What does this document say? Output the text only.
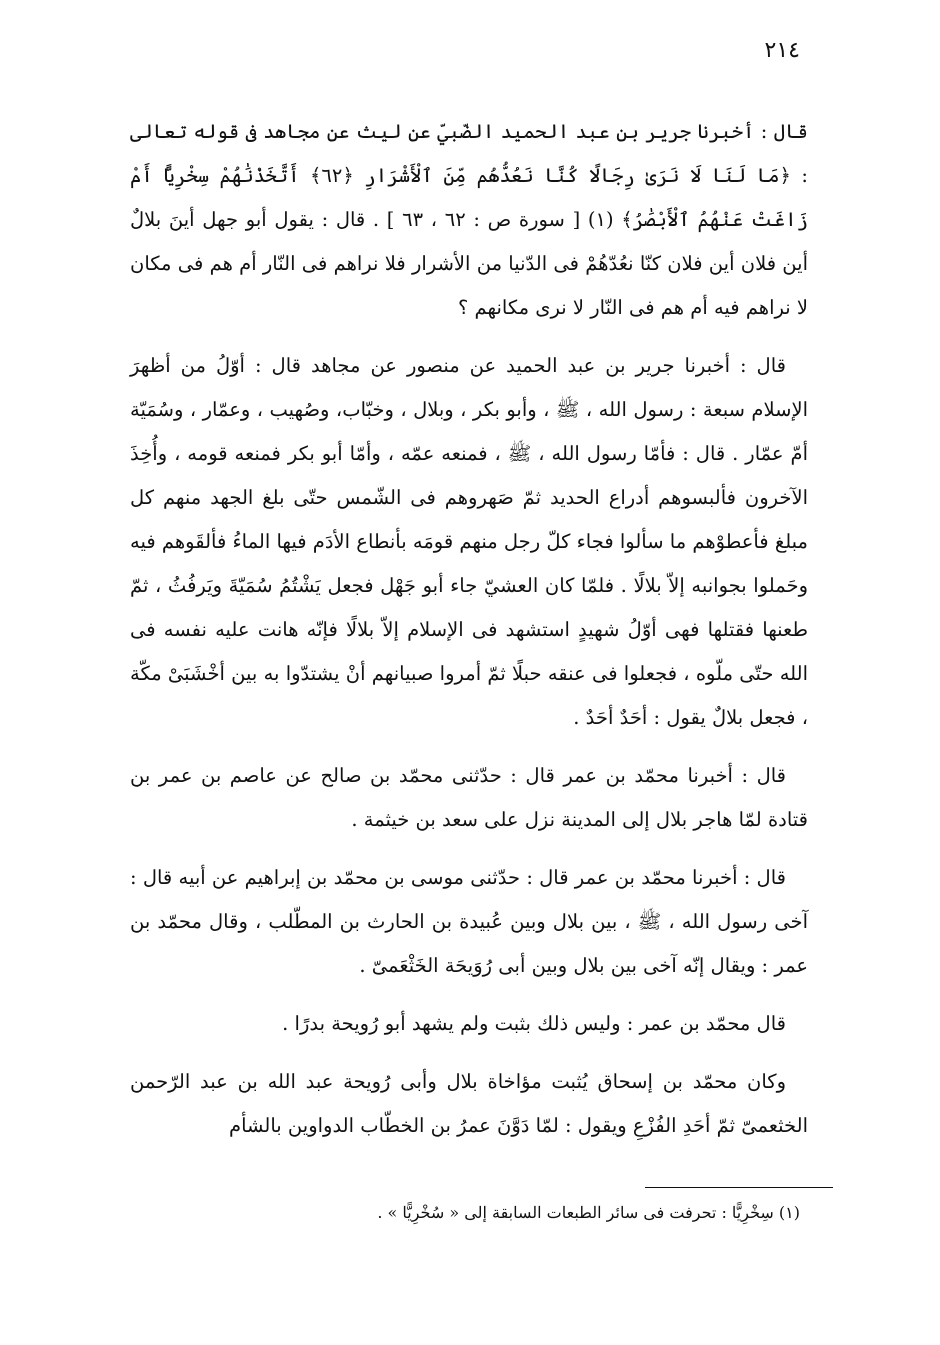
٢١٤

قال : أخبرنا جرير بن عبد الحميد الضّبيّ عن ليث عن مجاهد فى قوله تعالى : ﴿مَا لَنَا لَا نَرَىٰ رِجَالًا كُنَّا نَعُدُّهُم مِّنَ ٱلْأَشْرَارِ ﴿٦٢﴾ أَتَّخَذْنَٰهُمْ سِخْرِيًّا أَمْ زَاغَتْ عَنْهُمُ ٱلْأَبْصَٰرُ﴾ (١) [ سورة ص : ٦٢ ، ٦٣ ] . قال : يقول أبو جهل أينَ بلالٌ أين فلان أين فلان كنّا نعُدّهُمْ فى الدّنيا من الأشرار فلا نراهم فى النّار أم هم فى مكان لا نراهم فيه أم هم فى النّار لا نرى مكانهم ؟

قال : أخبرنا جرير بن عبد الحميد عن منصور عن مجاهد قال : أوّلُ من أظهرَ الإسلام سبعة : رسول الله ، ﷺ ، وأبو بكر ، وبلال ، وخبّاب، وصُهيب ، وعمّار ، وسُمَيّة أمّ عمّار . قال : فأمّا رسول الله ، ﷺ ، فمنعه عمّه ، وأمّا أبو بكر فمنعه قومه ، وأُخِذَ الآخرون فألبسوهم أدراع الحديد ثمّ صَهروهم فى الشّمس حتّى بلغ الجهد منهم كل مبلغ فأعطوْهم ما سألوا فجاء كلّ رجل منهم قومَه بأنطاع الأدَم فيها الماءُ فألقَوهم فيه وحَملوا بجوانبه إلاّ بلالًا . فلمّا كان العشيّ جاء أبو جَهْل فجعل يَشْتُمُ سُمَيّةَ ويَرفُثُ ، ثمّ طعنها فقتلها فهى أوّلُ شهيدٍ استشهد فى الإسلام إلاّ بلالًا فإنّه هانت عليه نفسه فى الله حتّى ملّوه ، فجعلوا فى عنقه حبلًا ثمّ أمروا صبيانهم أنْ يشتدّوا به بين أخْشَبَىْ مكّة ، فجعل بلالٌ يقول : أحَدٌ أحَدٌ .

قال : أخبرنا محمّد بن عمر قال : حدّثنى محمّد بن صالح عن عاصم بن عمر بن قتادة لمّا هاجر بلال إلى المدينة نزل على سعد بن خيثمة .

قال : أخبرنا محمّد بن عمر قال : حدّثنى موسى بن محمّد بن إبراهيم عن أبيه قال : آخى رسول الله ، ﷺ ، بين بلال وبين عُبيدة بن الحارث بن المطّلب ، وقال محمّد بن عمر : ويقال إنّه آخى بين بلال وبين أبى رُوَيحَة الخَثْعَمىّ .

قال محمّد بن عمر : وليس ذلك بثبت ولم يشهد أبو رُويحة بدرًا .

وكان محمّد بن إسحاق يُثبت مؤاخاة بلال وأبى رُويحة عبد الله بن عبد الرّحمن الخثعمىّ ثمّ أحَدِ الفُزْعِ ويقول : لمّا دَوَّنَ عمرُ بن الخطّاب الدواوين بالشأم

(١) سِخْرِيًّا : تحرفت فى سائر الطبعات السابقة إلى « سُخْرِيًّا » .
